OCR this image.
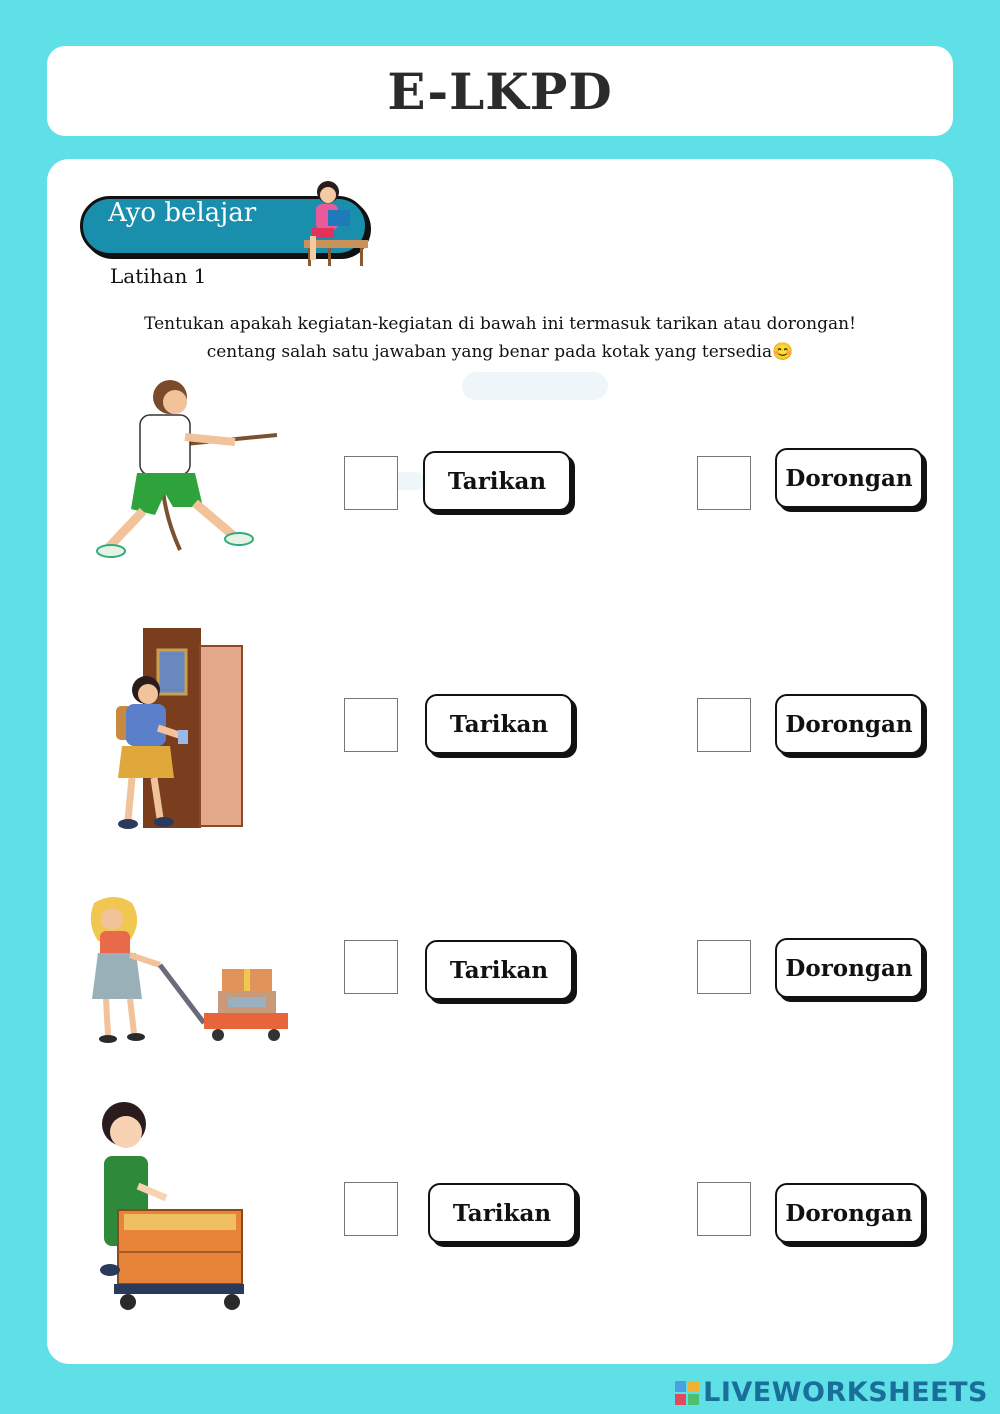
E-LKPD
Ayo belajar
Latihan 1
Tentukan apakah kegiatan-kegiatan di bawah ini termasuk tarikan atau dorongan!
centang salah satu jawaban yang benar pada kotak yang tersedia😊
Tarikan	Dorongan
Tarikan	Dorongan
Tarikan	Dorongan
Tarikan	Dorongan
LIVEWORKSHEETS
